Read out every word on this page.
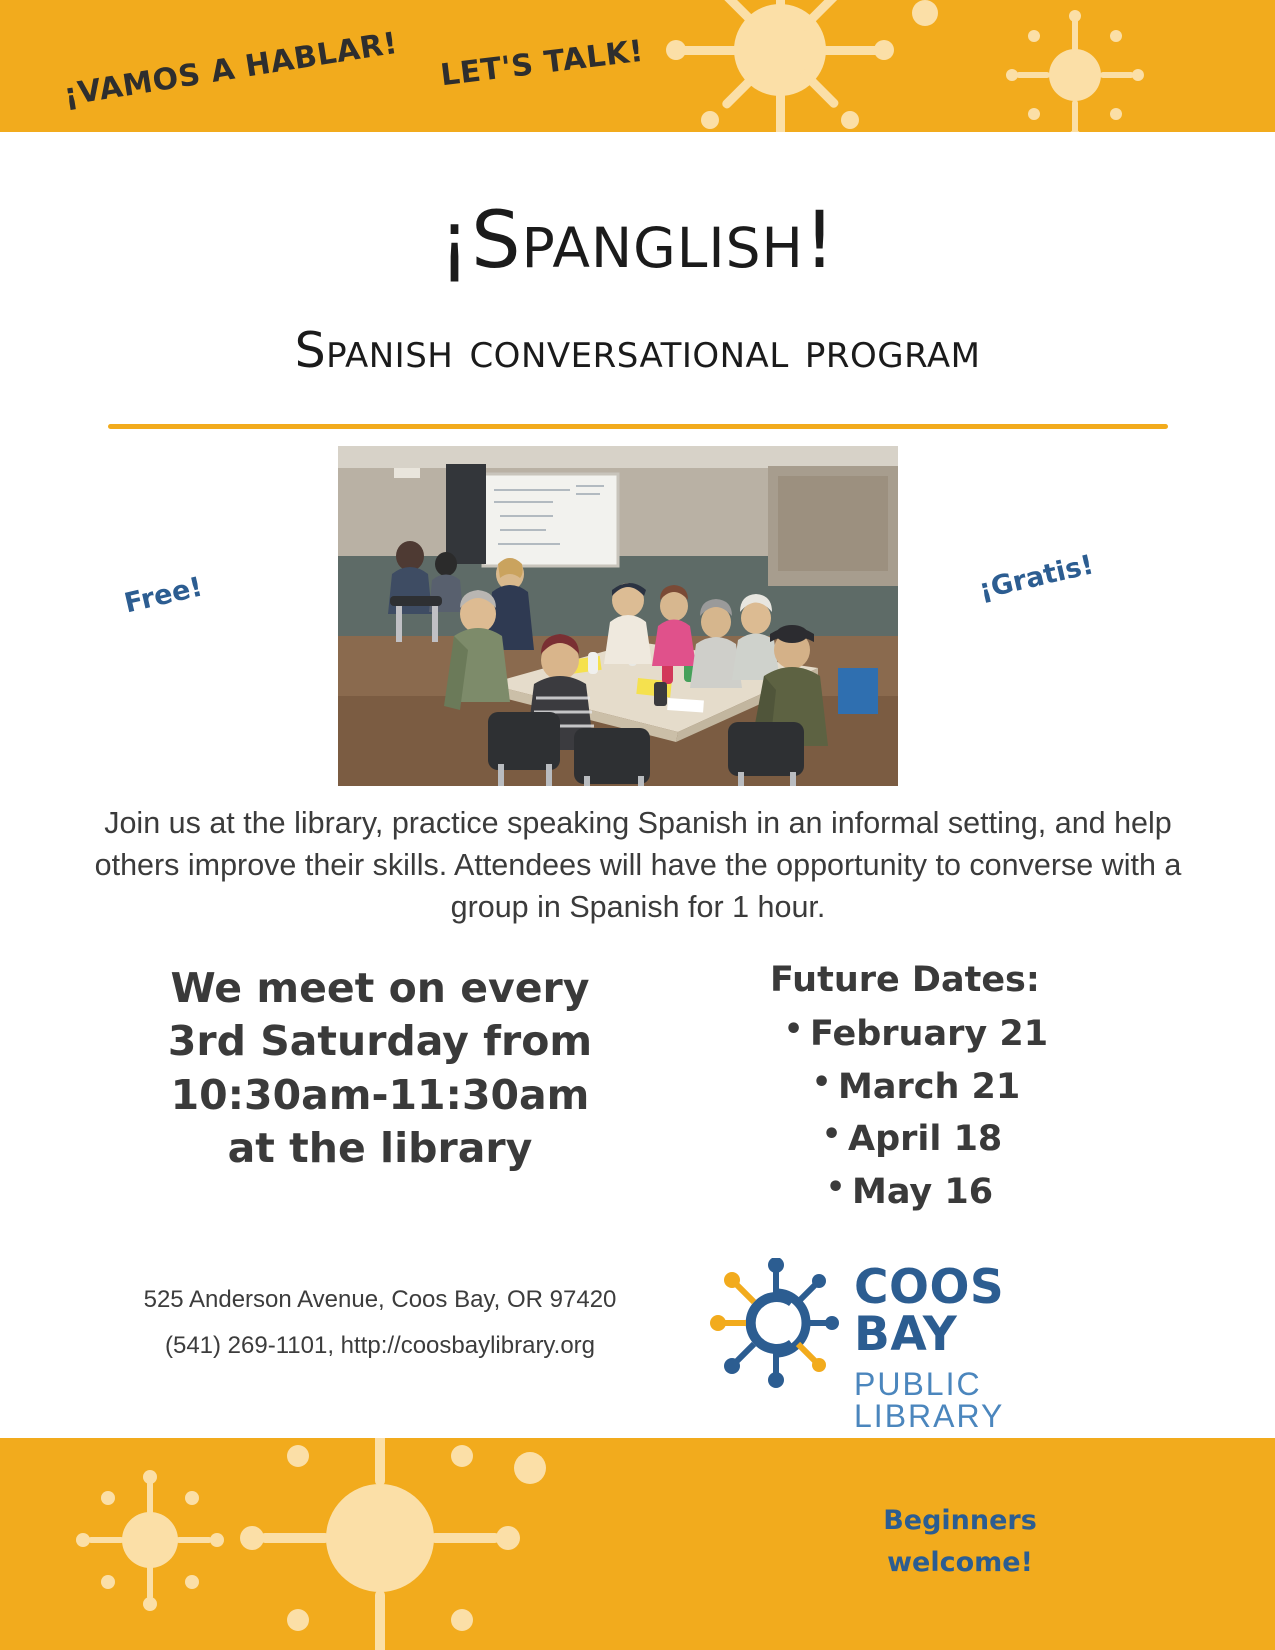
¡VAMOS A HABLAR! LET'S TALK!
¡Spanglish!
Spanish conversational program
Free!	¡Gratis!
Join us at the library, practice speaking Spanish in an informal setting, and help others improve their skills. Attendees will have the opportunity to converse with a group in Spanish for 1 hour.
We meet on every
3rd Saturday from
10:30am-11:30am
at the library
Future Dates:
• February 21
• March 21
• April 18
• May 16
525 Anderson Avenue, Coos Bay, OR 97420
(541) 269-1101, http://coosbaylibrary.org
COOS BAY
PUBLIC LIBRARY
Beginners
welcome!
